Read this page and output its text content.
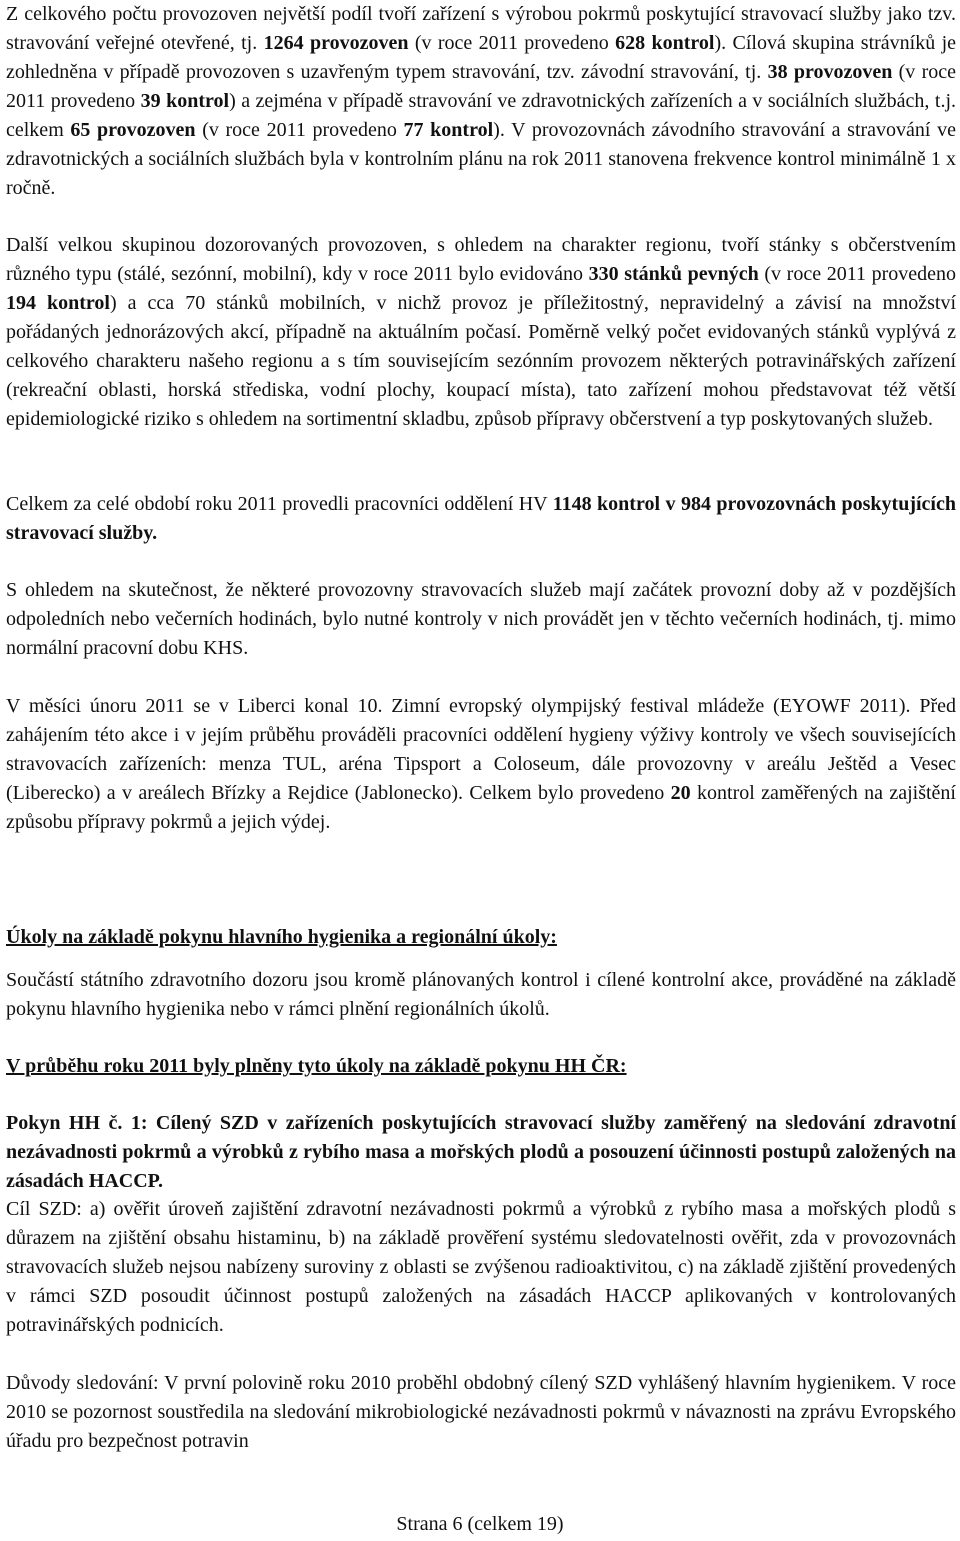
Z celkového počtu provozoven největší podíl tvoří zařízení s výrobou pokrmů poskytující stravovací služby jako tzv. stravování veřejné otevřené, tj. 1264 provozoven (v roce 2011 provedeno 628 kontrol). Cílová skupina strávníků je zohledněna v případě provozoven s uzavřeným typem stravování, tzv. závodní stravování, tj. 38 provozoven (v roce 2011 provedeno 39 kontrol) a zejména v případě stravování ve zdravotnických zařízeních a v sociálních službách, t.j. celkem 65 provozoven (v roce 2011 provedeno 77 kontrol). V provozovnách závodního stravování a stravování ve zdravotnických a sociálních službách byla v kontrolním plánu na rok 2011 stanovena frekvence kontrol minimálně 1 x ročně.
Další velkou skupinou dozorovaných provozoven, s ohledem na charakter regionu, tvoří stánky s občerstvením různého typu (stálé, sezónní, mobilní), kdy v roce 2011 bylo evidováno 330 stánků pevných (v roce 2011 provedeno 194 kontrol) a cca 70 stánků mobilních, v nichž provoz je příležitostný, nepravidelný a závisí na množství pořádaných jednorázových akcí, případně na aktuálním počasí. Poměrně velký počet evidovaných stánků vyplývá z celkového charakteru našeho regionu a s tím souvisejícím sezónním provozem některých potravinářských zařízení (rekreační oblasti, horská střediska, vodní plochy, koupací místa), tato zařízení mohou představovat též větší epidemiologické riziko s ohledem na sortimentní skladbu, způsob přípravy občerstvení a typ poskytovaných služeb.
Celkem za celé období roku 2011 provedli pracovníci oddělení HV 1148 kontrol v 984 provozovnách poskytujících stravovací služby.
S ohledem na skutečnost, že některé provozovny stravovacích služeb mají začátek provozní doby až v pozdějších odpoledních nebo večerních hodinách, bylo nutné kontroly v nich provádět jen v těchto večerních hodinách, tj. mimo normální pracovní dobu KHS.
V měsíci únoru 2011 se v Liberci konal 10. Zimní evropský olympijský festival mládeže (EYOWF 2011). Před zahájením této akce i v jejím průběhu prováděli pracovníci oddělení hygieny výživy kontroly ve všech souvisejících stravovacích zařízeních: menza TUL, aréna Tipsport a Coloseum, dále provozovny v areálu Ještěd a Vesec (Liberecko) a v areálech Břízky a Rejdice (Jablonecko). Celkem bylo provedeno 20 kontrol zaměřených na zajištění způsobu přípravy pokrmů a jejich výdej.
Úkoly na základě pokynu hlavního hygienika a regionální úkoly:
Součástí státního zdravotního dozoru jsou kromě plánovaných kontrol i cílené kontrolní akce, prováděné na základě pokynu hlavního hygienika nebo v rámci plnění regionálních úkolů.
V průběhu roku 2011 byly plněny tyto úkoly na základě pokynu HH ČR:
Pokyn HH č. 1: Cílený SZD v zařízeních poskytujících stravovací služby zaměřený na sledování zdravotní nezávadnosti pokrmů a výrobků z rybího masa a mořských plodů a posouzení účinnosti postupů založených na zásadách HACCP.
Cíl SZD: a) ověřit úroveň zajištění zdravotní nezávadnosti pokrmů a výrobků z rybího masa a mořských plodů s důrazem na zjištění obsahu histaminu, b) na základě prověření systému sledovatelnosti ověřit, zda v provozovnách stravovacích služeb nejsou nabízeny suroviny z oblasti se zvýšenou radioaktivitou, c) na základě zjištění provedených v rámci SZD posoudit účinnost postupů založených na zásadách HACCP aplikovaných v kontrolovaných potravinářských podnicích.
Důvody sledování: V první polovině roku 2010 proběhl obdobný cílený SZD vyhlášený hlavním hygienikem. V roce 2010 se pozornost soustředila na sledování mikrobiologické nezávadnosti pokrmů v návaznosti na zprávu Evropského úřadu pro bezpečnost potravin
Strana 6 (celkem 19)
